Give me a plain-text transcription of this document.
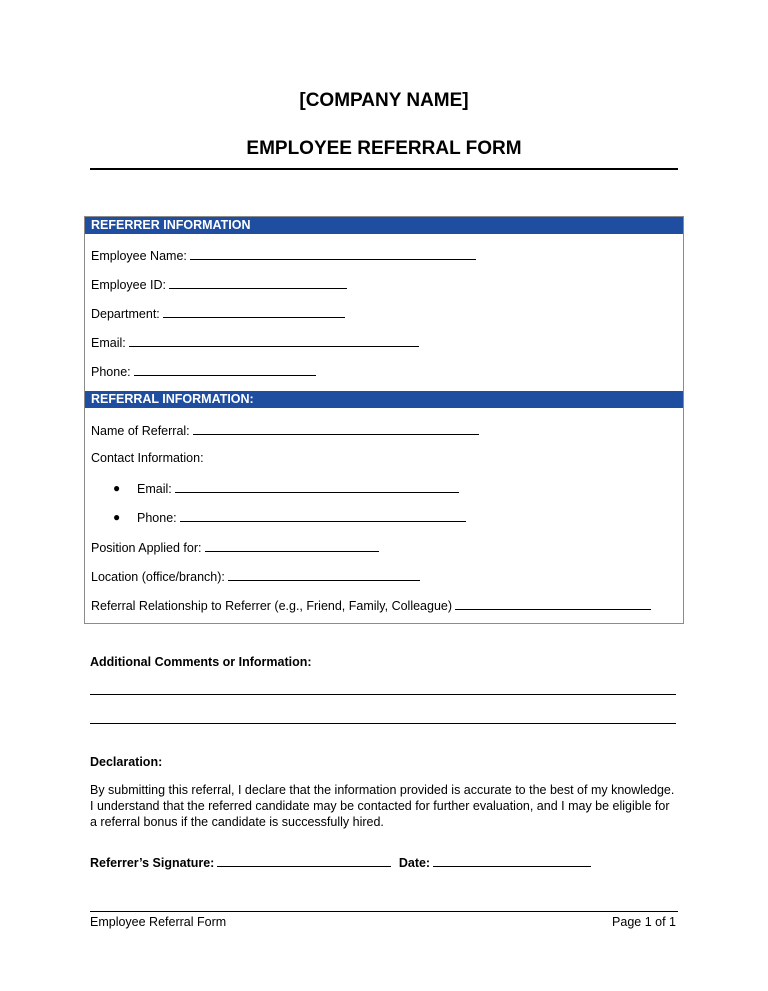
[COMPANY NAME]
EMPLOYEE REFERRAL FORM
REFERRER INFORMATION
Employee Name:
Employee ID:
Department:
Email:
Phone:
REFERRAL INFORMATION:
Name of Referral:
Contact Information:
● Email:
● Phone:
Position Applied for:
Location (office/branch):
Referral Relationship to Referrer (e.g., Friend, Family, Colleague)
Additional Comments or Information:
Declaration:
By submitting this referral, I declare that the information provided is accurate to the best of my knowledge.
I understand that the referred candidate may be contacted for further evaluation, and I may be eligible for
a referral bonus if the candidate is successfully hired.
Referrer’s Signature:	Date:
Employee Referral Form	Page 1 of 1
